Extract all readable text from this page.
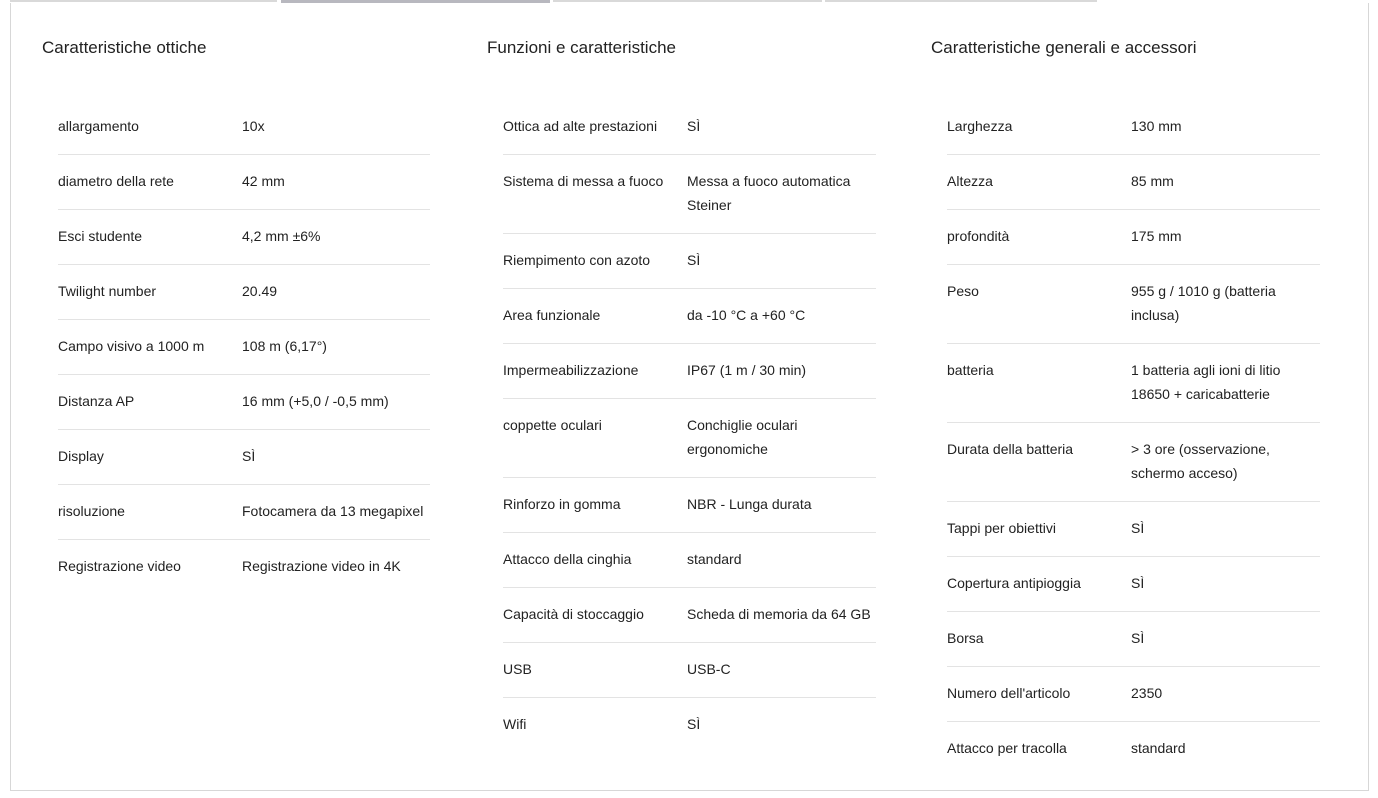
Caratteristiche ottiche
allargamento	10x
diametro della rete	42 mm
Esci studente	4,2 mm ±6%
Twilight number	20.49
Campo visivo a 1000 m	108 m (6,17°)
Distanza AP	16 mm (+5,0 / -0,5 mm)
Display	SÌ
risoluzione	Fotocamera da 13 megapixel
Registrazione video	Registrazione video in 4K
Funzioni e caratteristiche
Ottica ad alte prestazioni	SÌ
Sistema di messa a fuoco	Messa a fuoco automatica Steiner
Riempimento con azoto	SÌ
Area funzionale	da -10 °C a +60 °C
Impermeabilizzazione	IP67 (1 m / 30 min)
coppette oculari	Conchiglie oculari ergonomiche
Rinforzo in gomma	NBR - Lunga durata
Attacco della cinghia	standard
Capacità di stoccaggio	Scheda di memoria da 64 GB
USB	USB-C
Wifi	SÌ
Caratteristiche generali e accessori
Larghezza	130 mm
Altezza	85 mm
profondità	175 mm
Peso	955 g / 1010 g (batteria inclusa)
batteria	1 batteria agli ioni di litio 18650 + caricabatterie
Durata della batteria	> 3 ore (osservazione, schermo acceso)
Tappi per obiettivi	SÌ
Copertura antipioggia	SÌ
Borsa	SÌ
Numero dell'articolo	2350
Attacco per tracolla	standard
